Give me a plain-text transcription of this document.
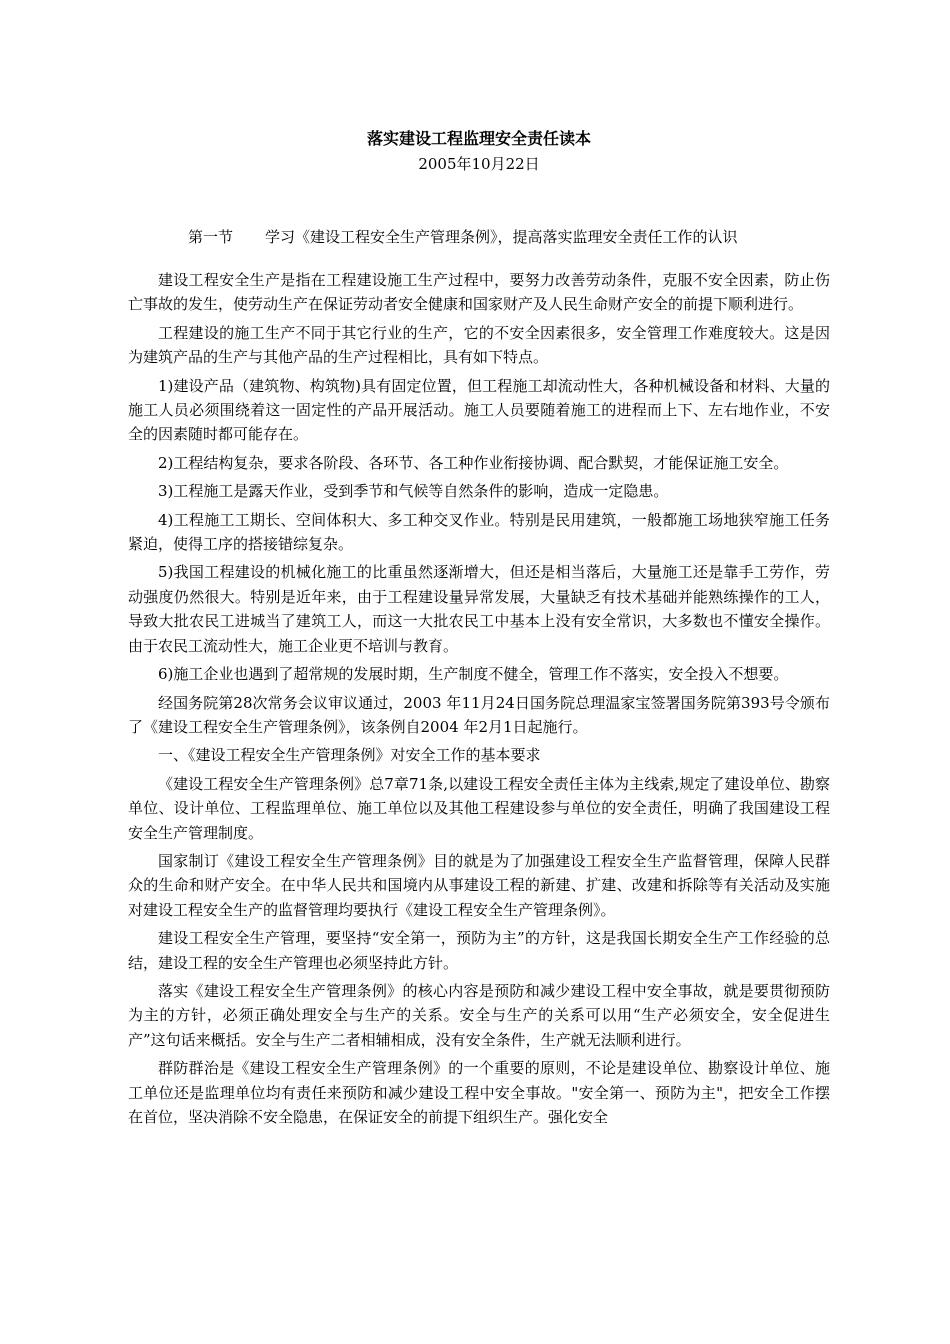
落实建设工程监理安全责任读本
2005年10月22日
第一节 学习《建设工程安全生产管理条例》，提高落实监理安全责任工作的认识

建设工程安全生产是指在工程建设施工生产过程中，要努力改善劳动条件，克服不安全因素，防止伤亡事故的发生，使劳动生产在保证劳动者安全健康和国家财产及人民生命财产安全的前提下顺利进行。

工程建设的施工生产不同于其它行业的生产，它的不安全因素很多，安全管理工作难度较大。这是因为建筑产品的生产与其他产品的生产过程相比，具有如下特点。

1)建设产品（建筑物、构筑物)具有固定位置，但工程施工却流动性大，各种机械设备和材料、大量的施工人员必须围绕着这一固定性的产品开展活动。施工人员要随着施工的进程而上下、左右地作业，不安全的因素随时都可能存在。

2)工程结构复杂，要求各阶段、各环节、各工种作业衔接协调、配合默契，才能保证施工安全。

3)工程施工是露天作业，受到季节和气候等自然条件的影响，造成一定隐患。

4)工程施工工期长、空间体积大、多工种交叉作业。特别是民用建筑，一般都施工场地狭窄施工任务紧迫，使得工序的搭接错综复杂。

5)我国工程建设的机械化施工的比重虽然逐渐增大，但还是相当落后，大量施工还是靠手工劳作，劳动强度仍然很大。特别是近年来，由于工程建设量异常发展，大量缺乏有技术基础并能熟练操作的工人，导致大批农民工进城当了建筑工人，而这一大批农民工中基本上没有安全常识，大多数也不懂安全操作。由于农民工流动性大，施工企业更不培训与教育。

6)施工企业也遇到了超常规的发展时期，生产制度不健全，管理工作不落实，安全投入不想要。

经国务院第28次常务会议审议通过，2003 年11月24日国务院总理温家宝签署国务院第393号令颁布了《建设工程安全生产管理条例》，该条例自2004 年2月1日起施行。

一、《建设工程安全生产管理条例》对安全工作的基本要求

《建设工程安全生产管理条例》总7章71条,以建设工程安全责任主体为主线索,规定了建设单位、勘察单位、设计单位、工程监理单位、施工单位以及其他工程建设参与单位的安全责任，明确了我国建设工程安全生产管理制度。

国家制订《建设工程安全生产管理条例》目的就是为了加强建设工程安全生产监督管理，保障人民群众的生命和财产安全。在中华人民共和国境内从事建设工程的新建、扩建、改建和拆除等有关活动及实施对建设工程安全生产的监督管理均要执行《建设工程安全生产管理条例》。

建设工程安全生产管理，要坚持“安全第一，预防为主”的方针，这是我国长期安全生产工作经验的总结，建设工程的安全生产管理也必须坚持此方针。

落实《建设工程安全生产管理条例》的核心内容是预防和减少建设工程中安全事故，就是要贯彻预防为主的方针，必须正确处理安全与生产的关系。安全与生产的关系可以用“生产必须安全，安全促进生产”这句话来概括。安全与生产二者相辅相成，没有安全条件，生产就无法顺利进行。

群防群治是《建设工程安全生产管理条例》的一个重要的原则，不论是建设单位、勘察设计单位、施工单位还是监理单位均有责任来预防和减少建设工程中安全事故。"安全第一、预防为主"，把安全工作摆在首位，坚决消除不安全隐患，在保证安全的前提下组织生产。强化安全
